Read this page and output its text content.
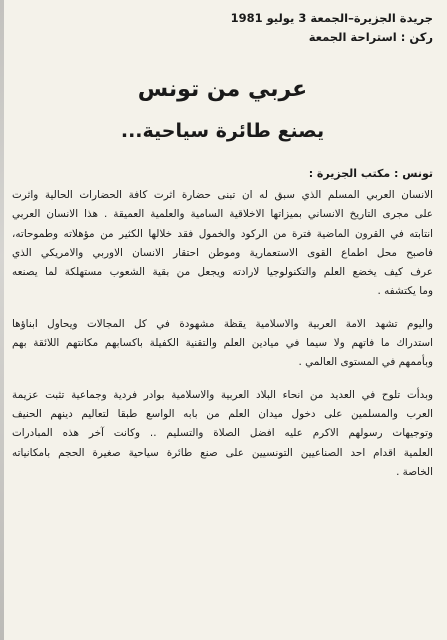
جريدة الجزيرة–الجمعة 3 يوليو 1981
ركن : استراحة الجمعة
عربي من تونس
يصنع طائرة سياحية...
تونس : مكتب الجزيرة :

الانسان العربي المسلم الذي سبق له ان تبنى حضارة اثرت كافة الحضارات الحالية واثرت
على مجرى التاريخ الانساني بميزاتها الاخلاقية السامية والعلمية العميقة . هذا الانسان العربي
انتابته في القرون الماضية فترة من الركود والخمول فقد خلالها الكثير من مؤهلاته وطموحاته،
فاصبح محل اطماع القوى الاستعمارية وموطن احتقار الانسان الاوربي والامريكي الذي
عرف كيف يخضع العلم والتكنولوجيا لارادته ويجعل من بقية الشعوب مستهلكة لما يصنعه
وما يكتشفه .

واليوم تشهد الامة العربية والاسلامية يقظة مشهودة في كل المجالات ويحاول ابناؤها
استدراك ما فاتهم ولا سيما في ميادين العلم والتقنية الكفيلة باكسابهم مكانتهم اللائقة بهم
وبأممهم في المستوى العالمي .

وبدأت تلوح في العديد من انحاء البلاد العربية والاسلامية بوادر فردية وجماعية تثبت عزيمة
العرب والمسلمين على دخول ميدان العلم من بابه الواسع طبقا لتعاليم دينهم الحنيف
وتوجيهات رسولهم الاكرم عليه افضل الصلاة والتسليم .. وكانت آخر هذه المبادرات
العلمية اقدام احد الصناعيين التونسيين على صنع طائرة سياحية صغيرة الحجم بامكانياته
الخاصة .
